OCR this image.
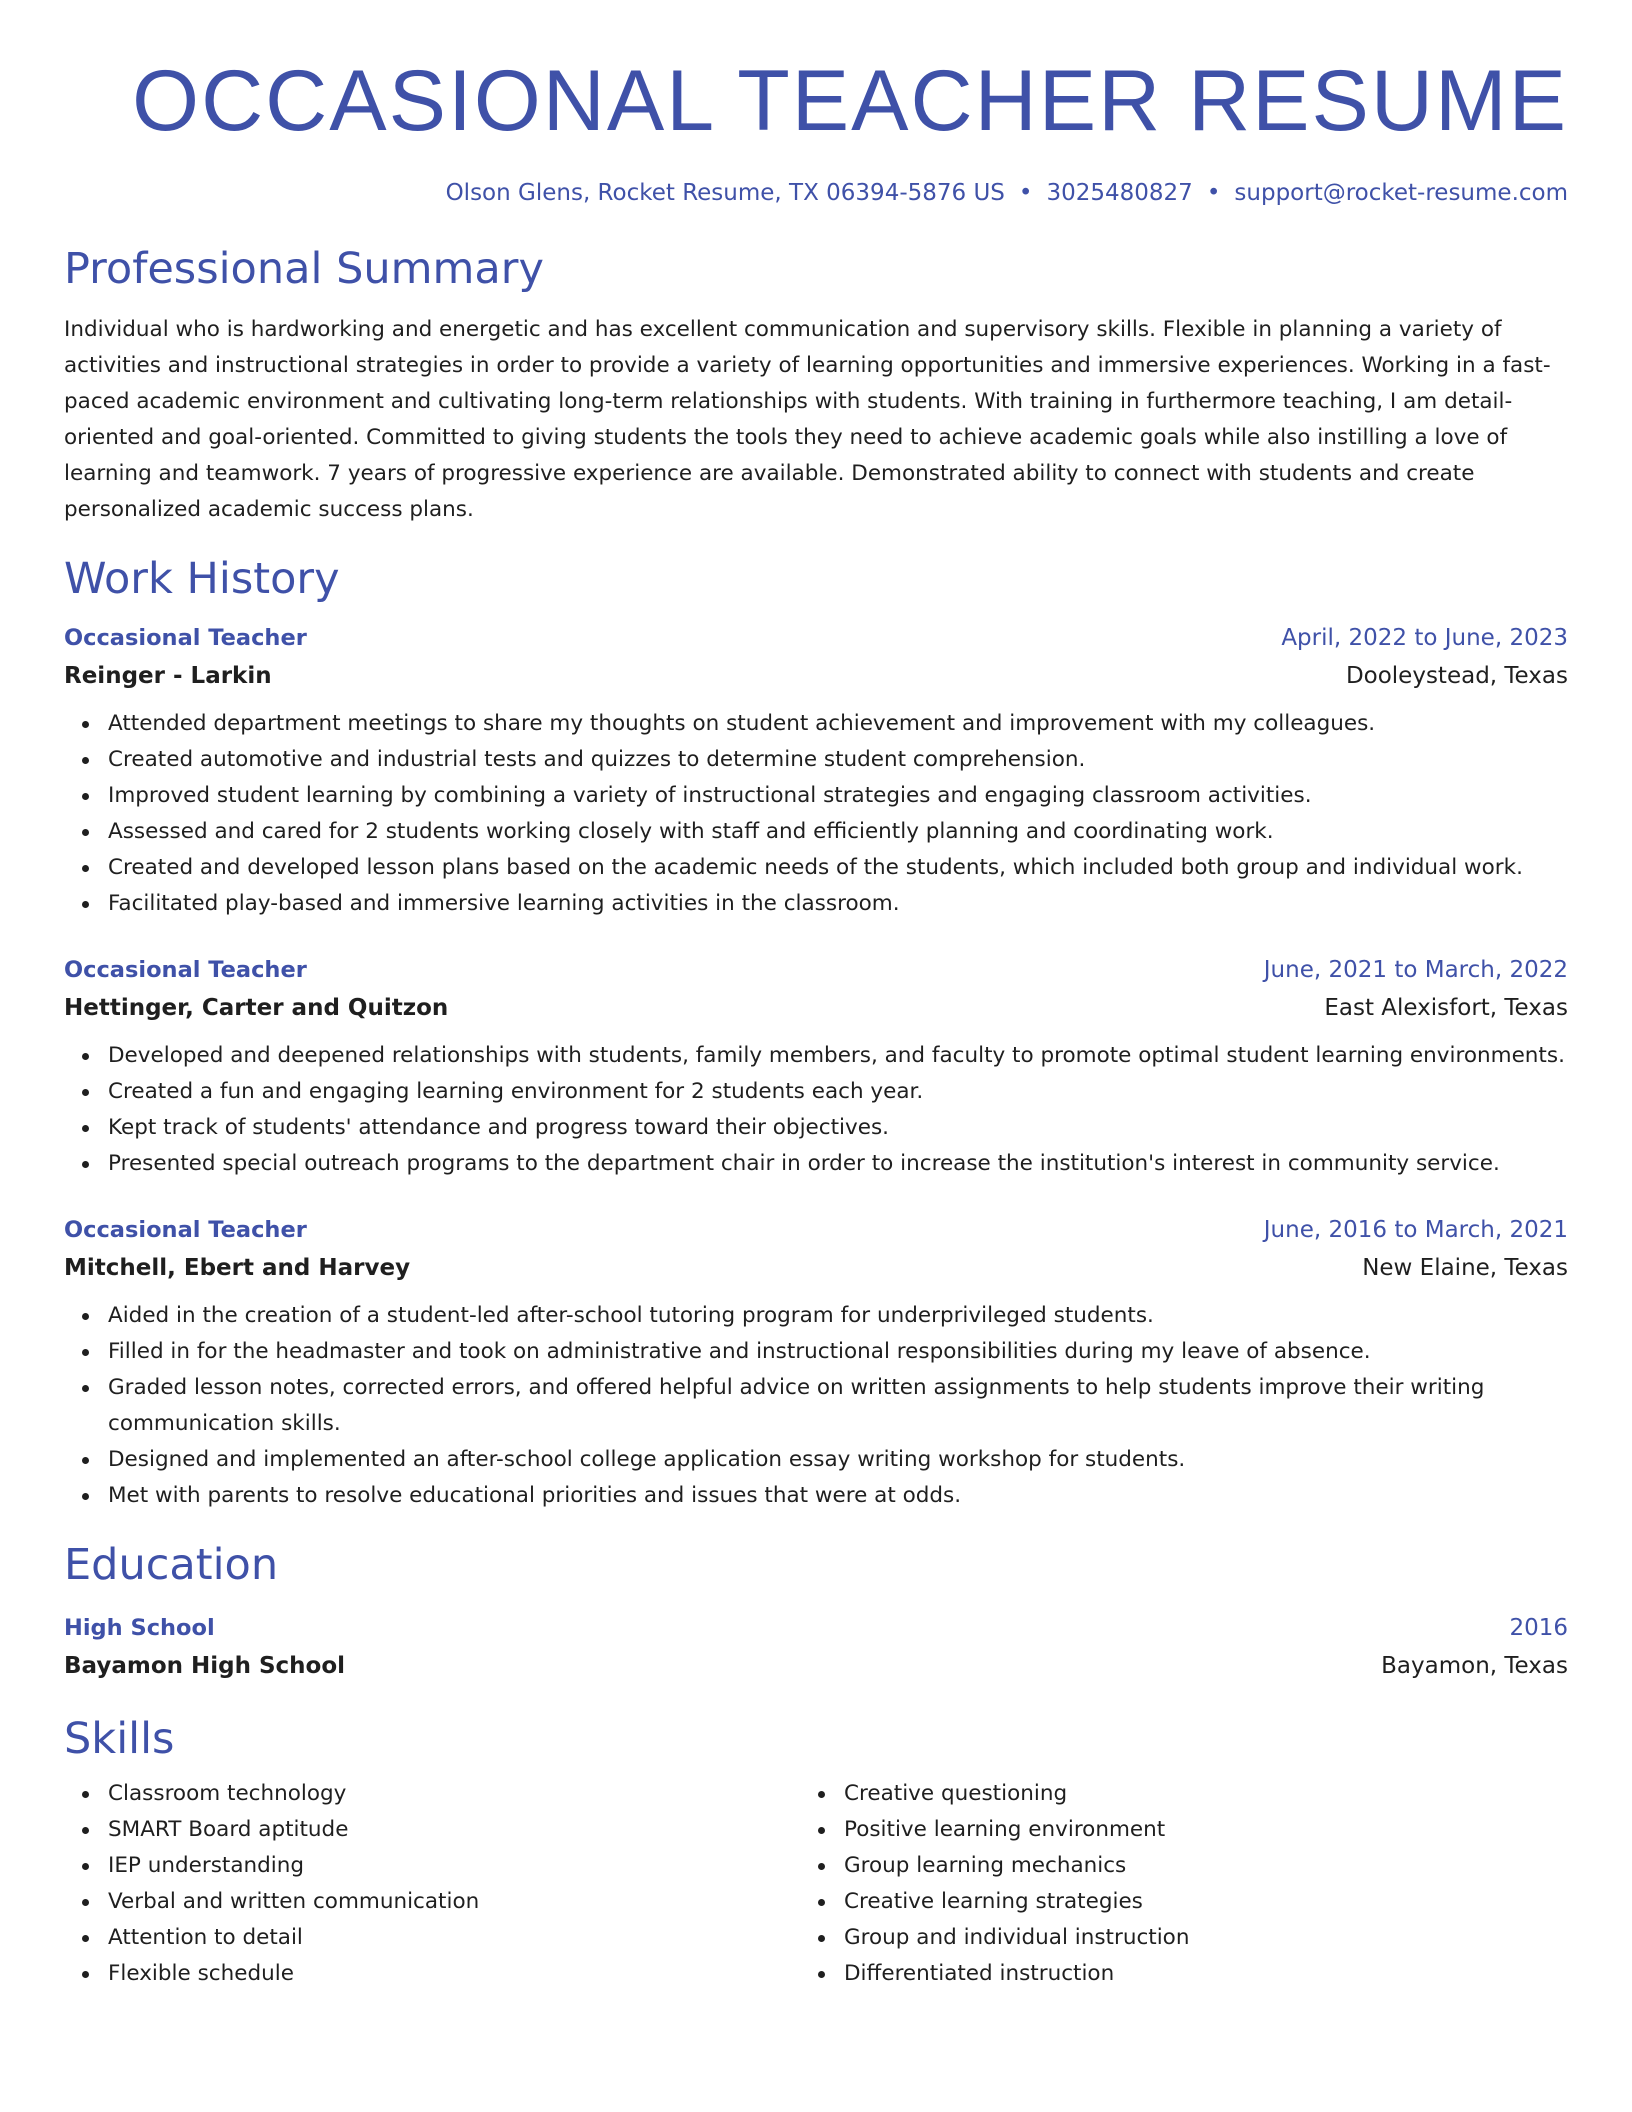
OCCASIONAL TEACHER RESUME
Olson Glens, Rocket Resume, TX 06394-5876 US • 3025480827 • support@rocket-resume.com
Professional Summary

Individual who is hardworking and energetic and has excellent communication and supervisory skills. Flexible in planning a variety of activities and instructional strategies in order to provide a variety of learning opportunities and immersive experiences. Working in a fast-paced academic environment and cultivating long-term relationships with students. With training in furthermore teaching, I am detail-oriented and goal-oriented. Committed to giving students the tools they need to achieve academic goals while also instilling a love of learning and teamwork. 7 years of progressive experience are available. Demonstrated ability to connect with students and create personalized academic success plans.

Work History
Occasional Teacher	April, 2022 to June, 2023
Reinger - Larkin	Dooleystead, Texas
Attended department meetings to share my thoughts on student achievement and improvement with my colleagues.
Created automotive and industrial tests and quizzes to determine student comprehension.
Improved student learning by combining a variety of instructional strategies and engaging classroom activities.
Assessed and cared for 2 students working closely with staff and efficiently planning and coordinating work.
Created and developed lesson plans based on the academic needs of the students, which included both group and individual work.
Facilitated play-based and immersive learning activities in the classroom.
Occasional Teacher	June, 2021 to March, 2022
Hettinger, Carter and Quitzon	East Alexisfort, Texas
Developed and deepened relationships with students, family members, and faculty to promote optimal student learning environments.
Created a fun and engaging learning environment for 2 students each year.
Kept track of students' attendance and progress toward their objectives.
Presented special outreach programs to the department chair in order to increase the institution's interest in community service.
Occasional Teacher	June, 2016 to March, 2021
Mitchell, Ebert and Harvey	New Elaine, Texas
Aided in the creation of a student-led after-school tutoring program for underprivileged students.
Filled in for the headmaster and took on administrative and instructional responsibilities during my leave of absence.
Graded lesson notes, corrected errors, and offered helpful advice on written assignments to help students improve their writing communication skills.
Designed and implemented an after-school college application essay writing workshop for students.
Met with parents to resolve educational priorities and issues that were at odds.
Education
High School	2016
Bayamon High School	Bayamon, Texas
Skills
Classroom technology
SMART Board aptitude
IEP understanding
Verbal and written communication
Attention to detail
Flexible schedule
Creative questioning
Positive learning environment
Group learning mechanics
Creative learning strategies
Group and individual instruction
Differentiated instruction
